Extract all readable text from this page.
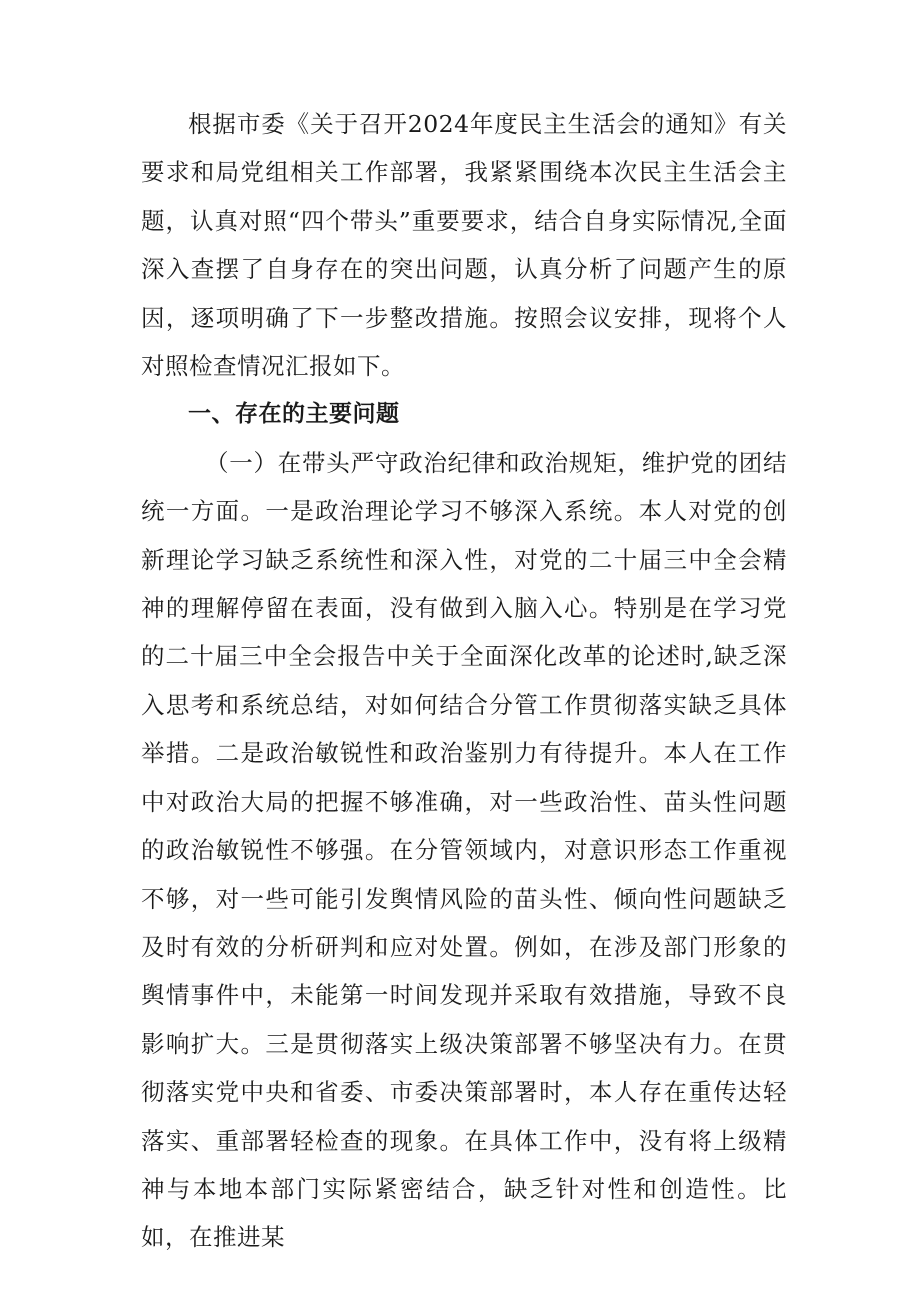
根据市委《关于召开2024年度民主生活会的通知》有关要求和局党组相关工作部署，我紧紧围绕本次民主生活会主题，认真对照“四个带头”重要要求，结合自身实际情况,全面深入查摆了自身存在的突出问题，认真分析了问题产生的原因，逐项明确了下一步整改措施。按照会议安排，现将个人对照检查情况汇报如下。

一、存在的主要问题

（一）在带头严守政治纪律和政治规矩，维护党的团结统一方面。一是政治理论学习不够深入系统。本人对党的创新理论学习缺乏系统性和深入性，对党的二十届三中全会精神的理解停留在表面，没有做到入脑入心。特别是在学习党的二十届三中全会报告中关于全面深化改革的论述时,缺乏深入思考和系统总结，对如何结合分管工作贯彻落实缺乏具体举措。二是政治敏锐性和政治鉴别力有待提升。本人在工作中对政治大局的把握不够准确，对一些政治性、苗头性问题的政治敏锐性不够强。在分管领域内，对意识形态工作重视不够，对一些可能引发舆情风险的苗头性、倾向性问题缺乏及时有效的分析研判和应对处置。例如，在涉及部门形象的舆情事件中，未能第一时间发现并采取有效措施，导致不良影响扩大。三是贯彻落实上级决策部署不够坚决有力。在贯彻落实党中央和省委、市委决策部署时，本人存在重传达轻落实、重部署轻检查的现象。在具体工作中，没有将上级精神与本地本部门实际紧密结合，缺乏针对性和创造性。比如，在推进某
